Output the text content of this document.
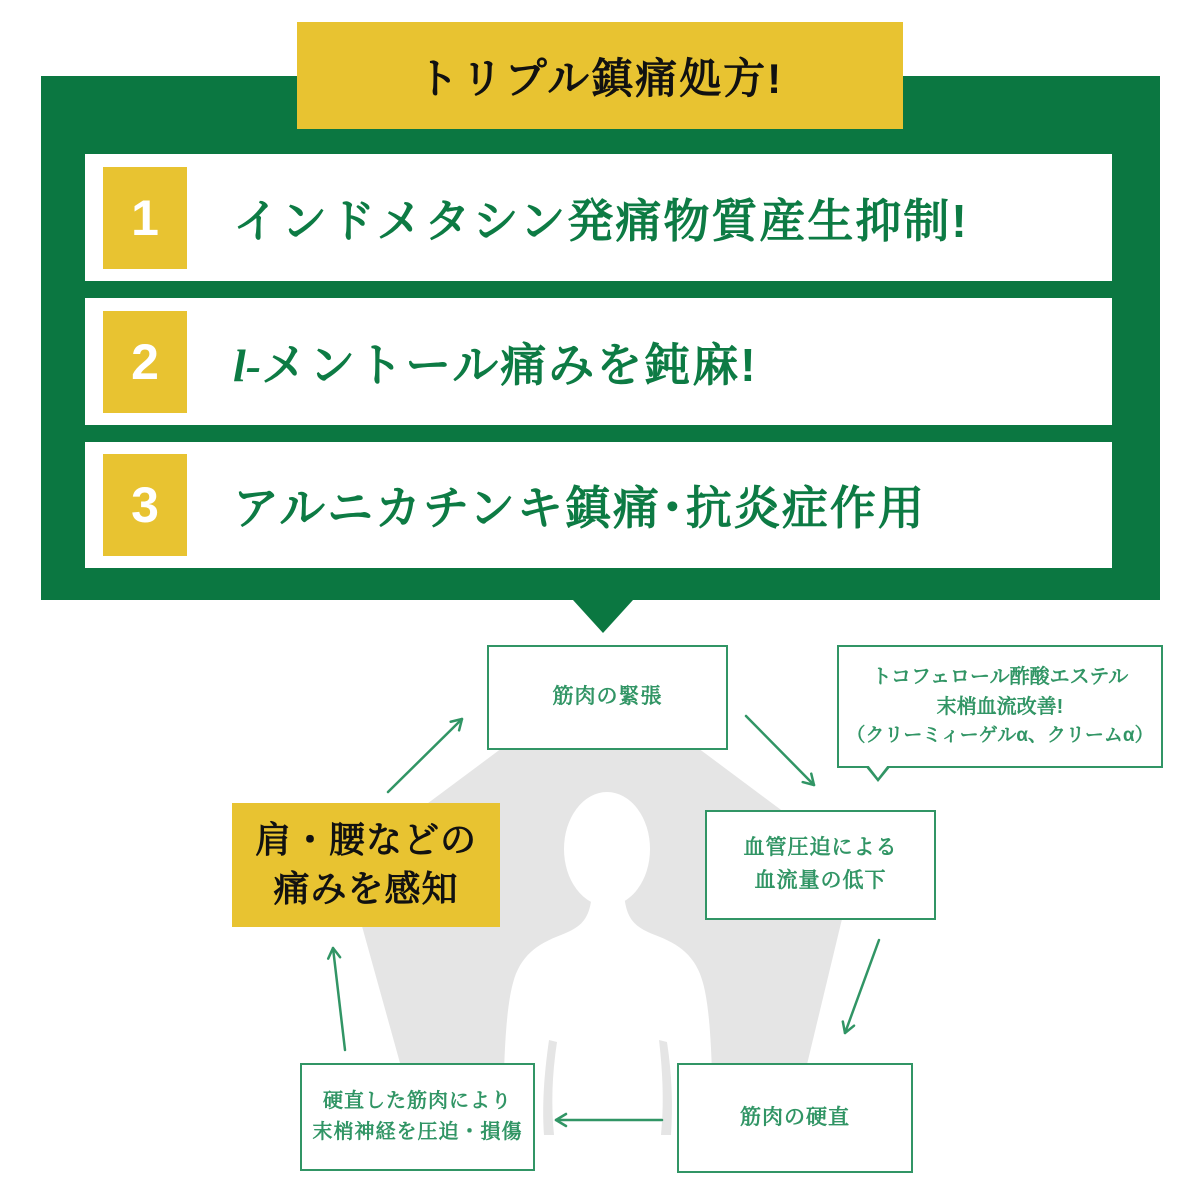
トリプル鎮痛処方!
1 インドメタシン発痛物質産生抑制!
2 l-メントール痛みを鈍麻!
3 アルニカチンキ鎮痛･抗炎症作用
筋肉の緊張
トコフェロール酢酸エステル
末梢血流改善!
（クリーミィーゲルα、クリームα）
血管圧迫による
血流量の低下
肩・腰などの
痛みを感知
硬直した筋肉により
末梢神経を圧迫・損傷
筋肉の硬直
